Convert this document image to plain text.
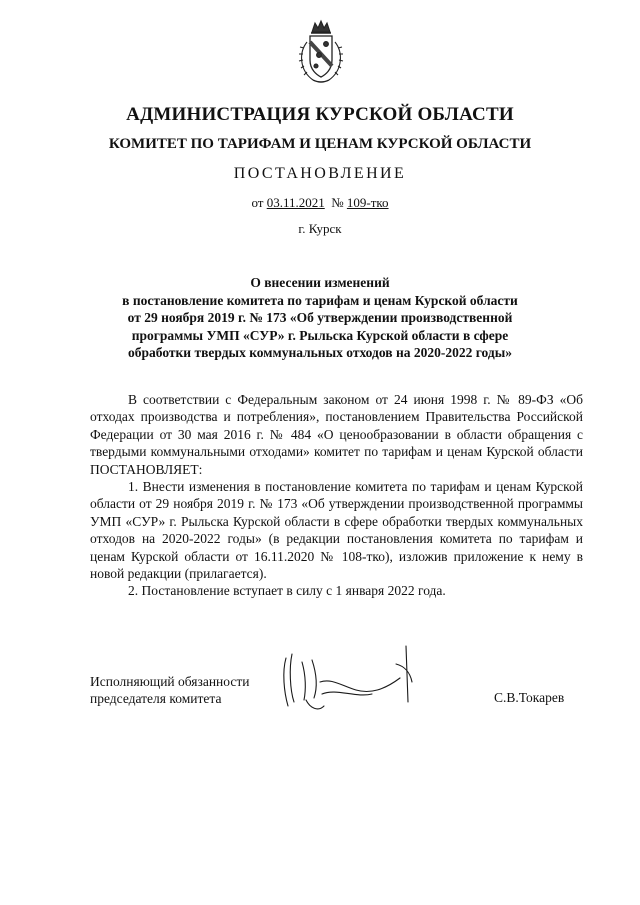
АДМИНИСТРАЦИЯ КУРСКОЙ ОБЛАСТИ
КОМИТЕТ ПО ТАРИФАМ И ЦЕНАМ КУРСКОЙ ОБЛАСТИ
ПОСТАНОВЛЕНИЕ
от 03.11.2021 № 109-тко
г. Курск
О внесении изменений
в постановление комитета по тарифам и ценам Курской области
от 29 ноября 2019 г. № 173 «Об утверждении производственной
программы УМП «СУР» г. Рыльска Курской области в сфере
обработки твердых коммунальных отходов на 2020-2022 годы»

В соответствии с Федеральным законом от 24 июня 1998 г. № 89-ФЗ «Об отходах производства и потребления», постановлением Правительства Российской Федерации от 30 мая 2016 г. № 484 «О ценообразовании в области обращения с твердыми коммунальными отходами» комитет по тарифам и ценам Курской области ПОСТАНОВЛЯЕТ:

1. Внести изменения в постановление комитета по тарифам и ценам Курской области от 29 ноября 2019 г. № 173 «Об утверждении производственной программы УМП «СУР» г. Рыльска Курской области в сфере обработки твердых коммунальных отходов на 2020-2022 годы» (в редакции постановления комитета по тарифам и ценам Курской области от 16.11.2020 № 108-тко), изложив приложение к нему в новой редакции (прилагается).

2. Постановление вступает в силу с 1 января 2022 года.

Исполняющий обязанности
председателя комитета	С.В.Токарев
